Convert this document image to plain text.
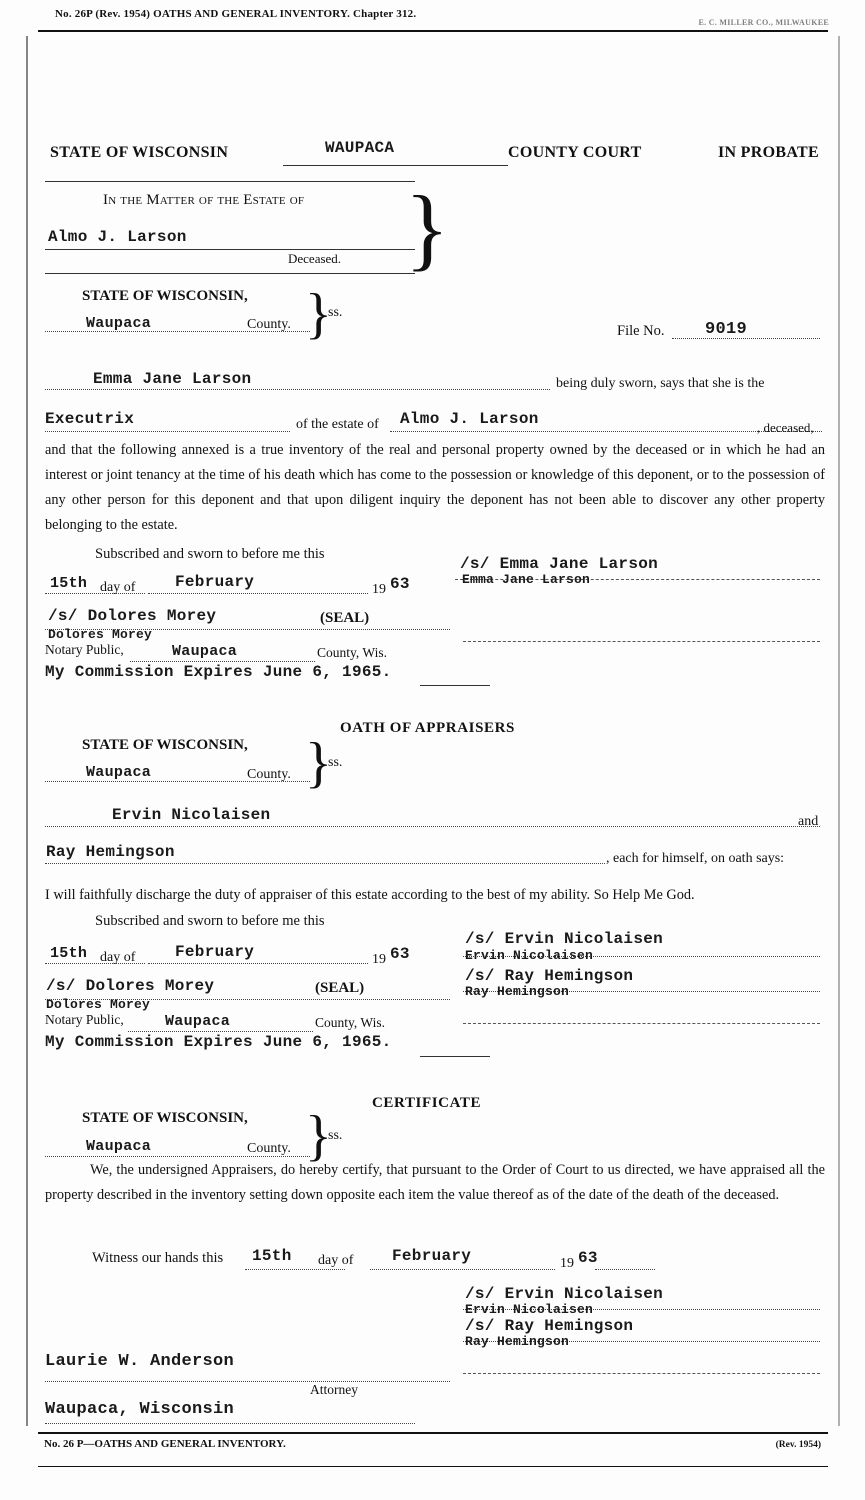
No. 26P (Rev. 1954) OATHS AND GENERAL INVENTORY. Chapter 312.
E. C. MILLER CO., MILWAUKEE
STATE OF WISCONSIN	WAUPACA	COUNTY COURT	IN PROBATE
In the Matter of the Estate of
Almo J. Larson
Deceased. }
STATE OF WISCONSIN,
Waupaca	County. }
ss.
File No. 9019
Emma Jane Larson	being duly sworn, says that she is the
Executrix	of the estate of Almo J. Larson	, deceased,
and that the following annexed is a true inventory of the real and personal property owned by the deceased or in which he had an interest or joint tenancy at the time of his death which has come to the possession or knowledge of this deponent, or to the possession of any other person for this deponent and that upon diligent inquiry the deponent has not been able to discover any other property belonging to the estate.
Subscribed and sworn to before me this
15th day of February	19 63
/s/ Emma Jane Larson
Emma Jane Larson
/s/ Dolores Morey	(SEAL)
Dolores Morey
Notary Public,	Waupaca	County, Wis.
My Commission Expires June 6, 1965.
OATH OF APPRAISERS
STATE OF WISCONSIN,
Waupaca	County. }
ss.
Ervin Nicolaisen	and
Ray Hemingson	, each for himself, on oath says:
I will faithfully discharge the duty of appraiser of this estate according to the best of my ability. So Help Me God.
Subscribed and sworn to before me this
15th day of February	19 63
/s/ Ervin Nicolaisen
Ervin Nicolaisen
/s/ Ray Hemingson
Ray Hemingson
/s/ Dolores Morey	(SEAL)
Dolores Morey
Notary Public,	Waupaca	County, Wis.
My Commission Expires June 6, 1965.
CERTIFICATE
STATE OF WISCONSIN,
Waupaca	County. }
ss.
We, the undersigned Appraisers, do hereby certify, that pursuant to the Order of Court to us directed, we have appraised all the property described in the inventory setting down opposite each item the value thereof as of the date of the death of the deceased.
Witness our hands this 15th day of February	19 63
/s/ Ervin Nicolaisen
Ervin Nicolaisen
/s/ Ray Hemingson
Ray Hemingson
Laurie W. Anderson
Attorney
Waupaca, Wisconsin
No. 26 P—OATHS AND GENERAL INVENTORY.	(Rev. 1954)
